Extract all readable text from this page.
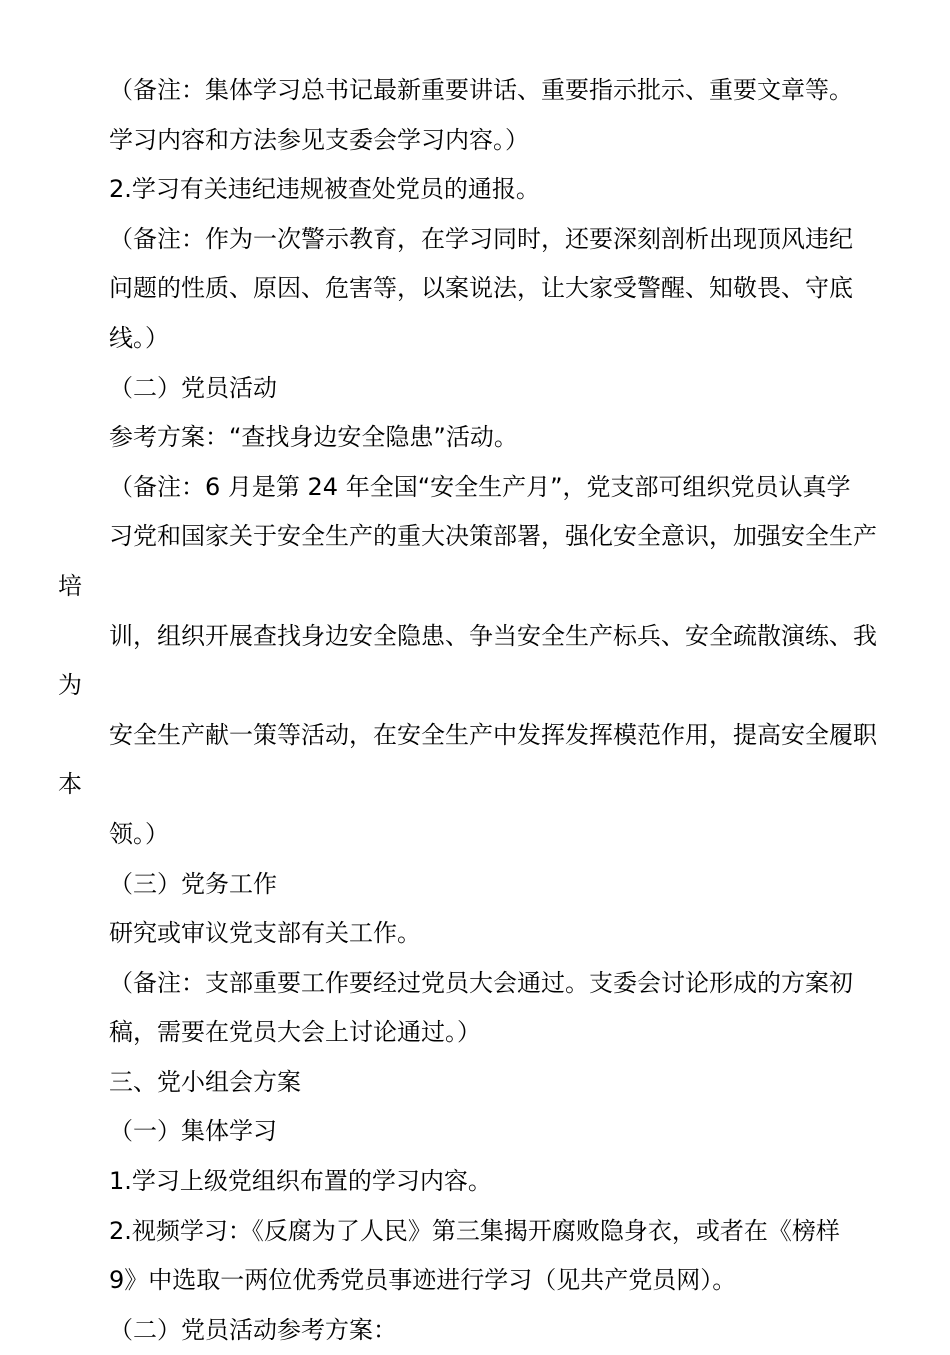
（备注：集体学习总书记最新重要讲话、重要指示批示、重要文章等。
学习内容和方法参见支委会学习内容。）

2.学习有关违纪违规被查处党员的通报。

（备注：作为一次警示教育，在学习同时，还要深刻剖析出现顶风违纪
问题的性质、原因、危害等，以案说法，让大家受警醒、知敬畏、守底
线。）

（二）党员活动

参考方案：“查找身边安全隐患”活动。

（备注：6 月是第 24 年全国“安全生产月”，党支部可组织党员认真学
习党和国家关于安全生产的重大决策部署，强化安全意识，加强安全生产培
训，组织开展查找身边安全隐患、争当安全生产标兵、安全疏散演练、我为
安全生产献一策等活动，在安全生产中发挥发挥模范作用，提高安全履职本
领。）

（三）党务工作

研究或审议党支部有关工作。

（备注：支部重要工作要经过党员大会通过。支委会讨论形成的方案初
稿，需要在党员大会上讨论通过。）

三、党小组会方案

（一）集体学习

1.学习上级党组织布置的学习内容。

2.视频学习：《反腐为了人民》第三集揭开腐败隐身衣，或者在《榜样
9》中选取一两位优秀党员事迹进行学习（见共产党员网）。

（二）党员活动参考方案：
